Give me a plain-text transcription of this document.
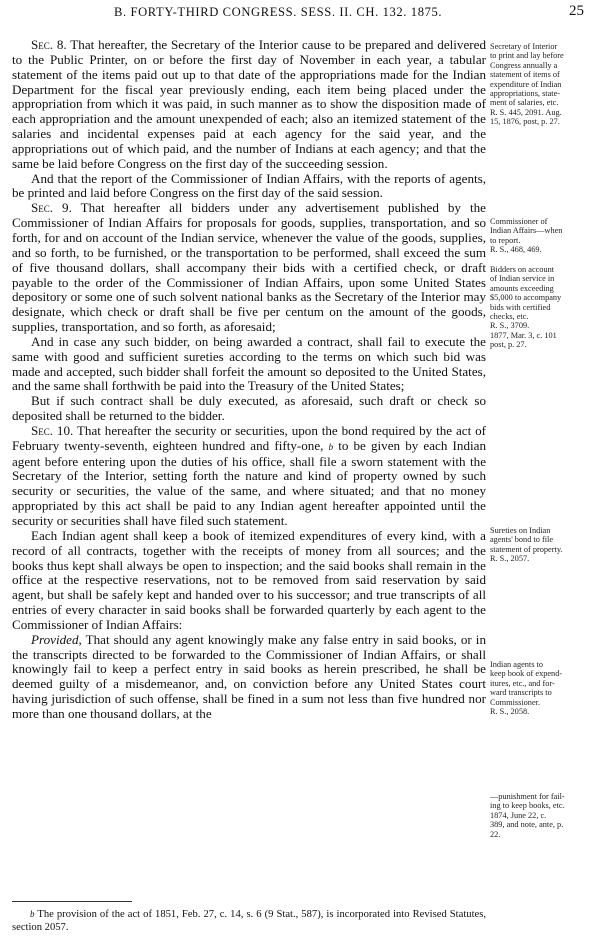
B. FORTY-THIRD CONGRESS. SESS. II. CH. 132. 1875.	25

Sec. 8. That hereafter, the Secretary of the Interior cause to be prepared and delivered to the Public Printer, on or before the first day of November in each year, a tabular statement of the items paid out up to that date of the appropriations made for the Indian Department for the fiscal year previously ending, each item being placed under the appropriation from which it was paid, in such manner as to show the disposition made of each appropriation and the amount unexpended of each; also an itemized statement of the salaries and incidental expenses paid at each agency for the said year, and the appropriations out of which paid, and the number of Indians at each agency; and that the same be laid before Congress on the first day of the succeeding session.

And that the report of the Commissioner of Indian Affairs, with the reports of agents, be printed and laid before Congress on the first day of the said session.

Sec. 9. That hereafter all bidders under any advertisement published by the Commissioner of Indian Affairs for proposals for goods, supplies, transportation, and so forth, for and on account of the Indian service, whenever the value of the goods, supplies, and so forth, to be furnished, or the transportation to be performed, shall exceed the sum of five thousand dollars, shall accompany their bids with a certified check, or draft payable to the order of the Commissioner of Indian Affairs, upon some United States depository or some one of such solvent national banks as the Secretary of the Interior may designate, which check or draft shall be five per centum on the amount of the goods, supplies, transportation, and so forth, as aforesaid;

And in case any such bidder, on being awarded a contract, shall fail to execute the same with good and sufficient sureties according to the terms on which such bid was made and accepted, such bidder shall forfeit the amount so deposited to the United States, and the same shall forthwith be paid into the Treasury of the United States;

But if such contract shall be duly executed, as aforesaid, such draft or check so deposited shall be returned to the bidder.

Sec. 10. That hereafter the security or securities, upon the bond required by the act of February twenty-seventh, eighteen hundred and fifty-one, b to be given by each Indian agent before entering upon the duties of his office, shall file a sworn statement with the Secretary of the Interior, setting forth the nature and kind of property owned by such security or securities, the value of the same, and where situated; and that no money appropriated by this act shall be paid to any Indian agent hereafter appointed until the security or securities shall have filed such statement.

Each Indian agent shall keep a book of itemized expenditures of every kind, with a record of all contracts, together with the receipts of money from all sources; and the books thus kept shall always be open to inspection; and the said books shall remain in the office at the respective reservations, not to be removed from said reservation by said agent, but shall be safely kept and handed over to his successor; and true transcripts of all entries of every character in said books shall be forwarded quarterly by each agent to the Commissioner of Indian Affairs:

Provided, That should any agent knowingly make any false entry in said books, or in the transcripts directed to be forwarded to the Commissioner of Indian Affairs, or shall knowingly fail to keep a perfect entry in said books as herein prescribed, he shall be deemed guilty of a misdemeanor, and, on conviction before any United States court having jurisdiction of such offense, shall be fined in a sum not less than five hundred nor more than one thousand dollars, at the

Secretary of Interior
to print and lay before
Congress annually a
statement of items of
expenditure of Indian
appropriations, state-
ment of salaries, etc.
R. S. 445, 2091. Aug.
15, 1876, post, p. 27.
Commissioner of
Indian Affairs—when
to report.
R. S., 468, 469.
Bidders on account
of Indian service in
amounts exceeding
$5,000 to accompany
bids with certified
checks, etc.
R. S., 3709.
1877, Mar. 3, c. 101
post, p. 27.
Sureties on Indian
agents' bond to file
statement of property.
R. S., 2057.
Indian agents to
keep book of expend-
itures, etc., and for-
ward transcripts to
Commissioner.
R. S., 2058.
—punishment for fail-
ing to keep books, etc.
1874, June 22, c.
389, and note, ante, p.
22.
b The provision of the act of 1851, Feb. 27, c. 14, s. 6 (9 Stat., 587), is incorporated into Revised Statutes, section 2057.
